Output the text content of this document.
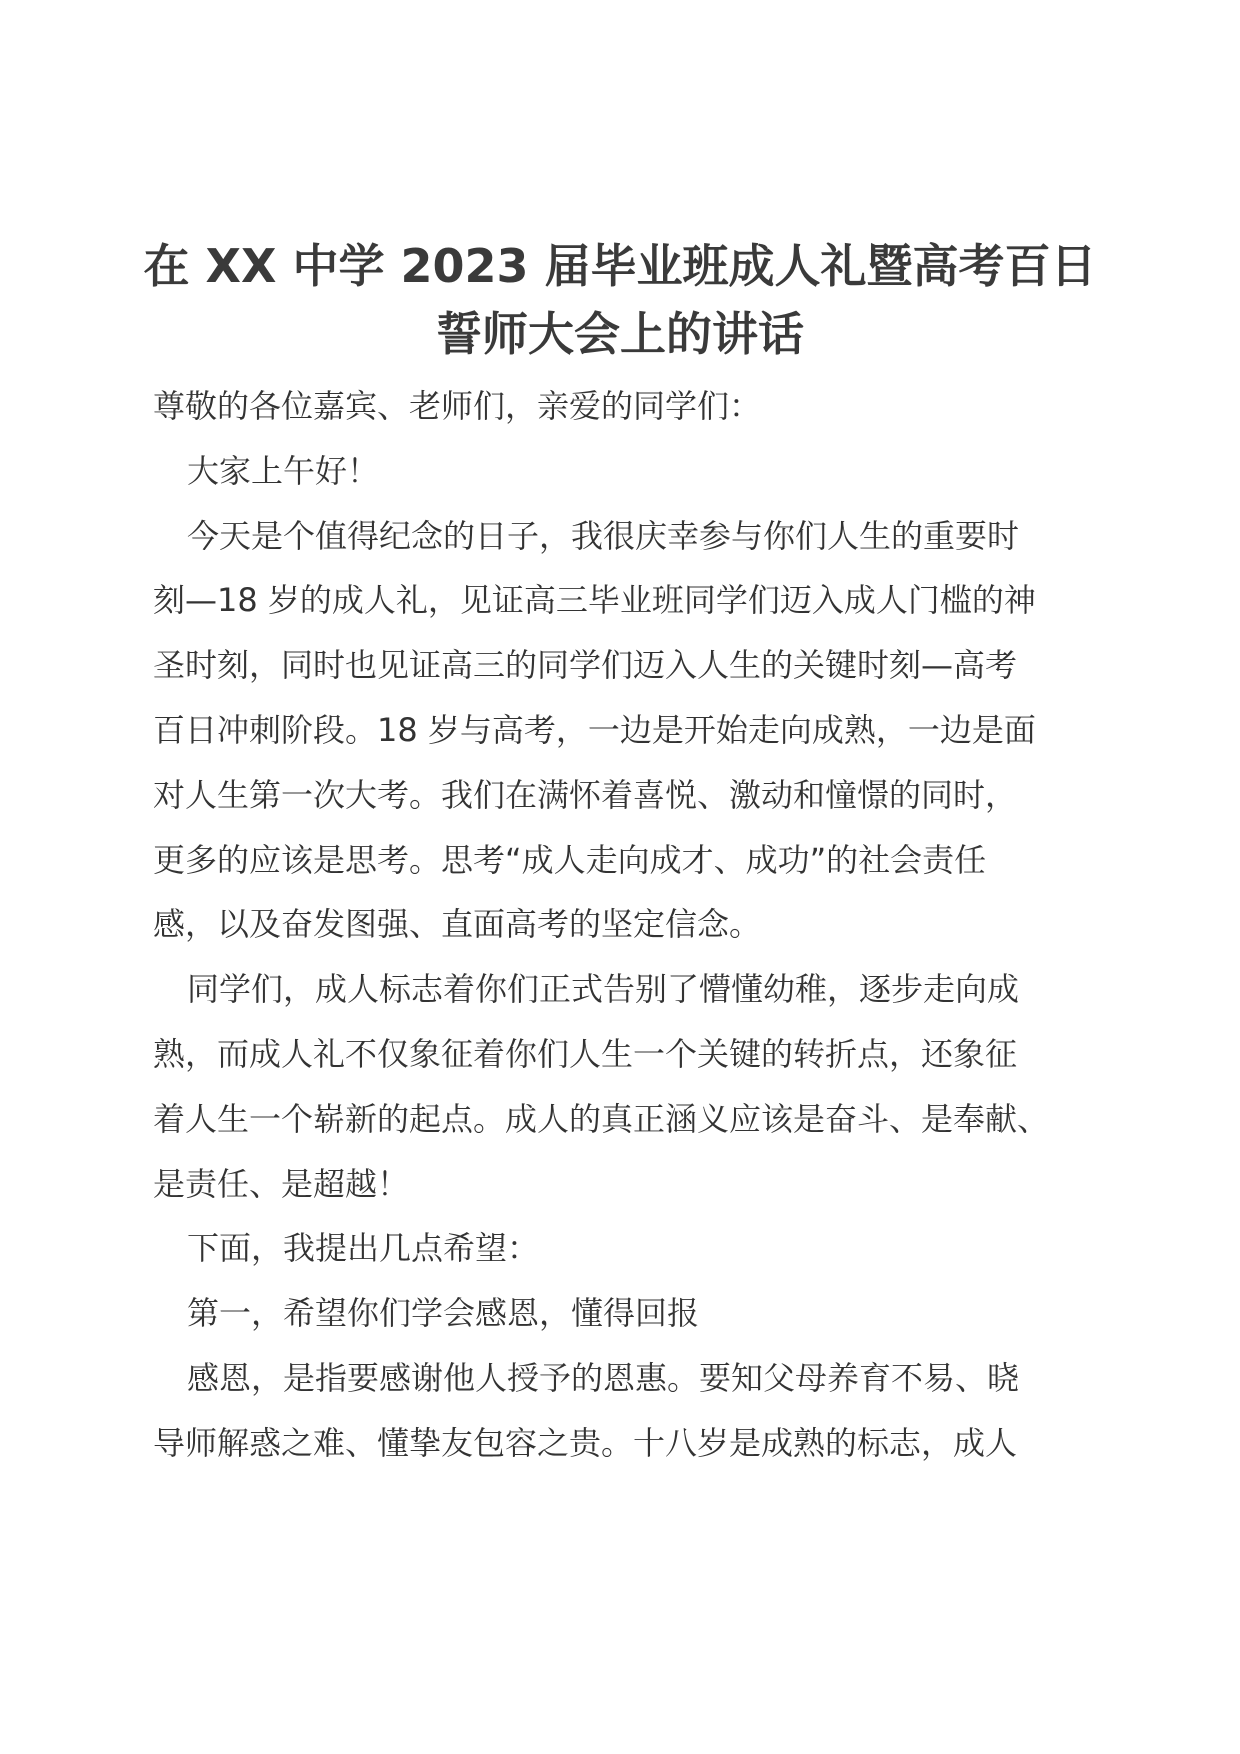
在 XX 中学 2023 届毕业班成人礼暨高考百日
誓师大会上的讲话
尊敬的各位嘉宾、老师们，亲爱的同学们：
大家上午好！
今天是个值得纪念的日子，我很庆幸参与你们人生的重要时
刻—18 岁的成人礼，见证高三毕业班同学们迈入成人门槛的神
圣时刻，同时也见证高三的同学们迈入人生的关键时刻—高考
百日冲刺阶段。18 岁与高考，一边是开始走向成熟，一边是面
对人生第一次大考。我们在满怀着喜悦、激动和憧憬的同时，
更多的应该是思考。思考“成人走向成才、成功”的社会责任
感，以及奋发图强、直面高考的坚定信念。
同学们，成人标志着你们正式告别了懵懂幼稚，逐步走向成
熟，而成人礼不仅象征着你们人生一个关键的转折点，还象征
着人生一个崭新的起点。成人的真正涵义应该是奋斗、是奉献、
是责任、是超越！
下面，我提出几点希望：
第一，希望你们学会感恩，懂得回报
感恩，是指要感谢他人授予的恩惠。要知父母养育不易、晓
导师解惑之难、懂挚友包容之贵。十八岁是成熟的标志，成人
